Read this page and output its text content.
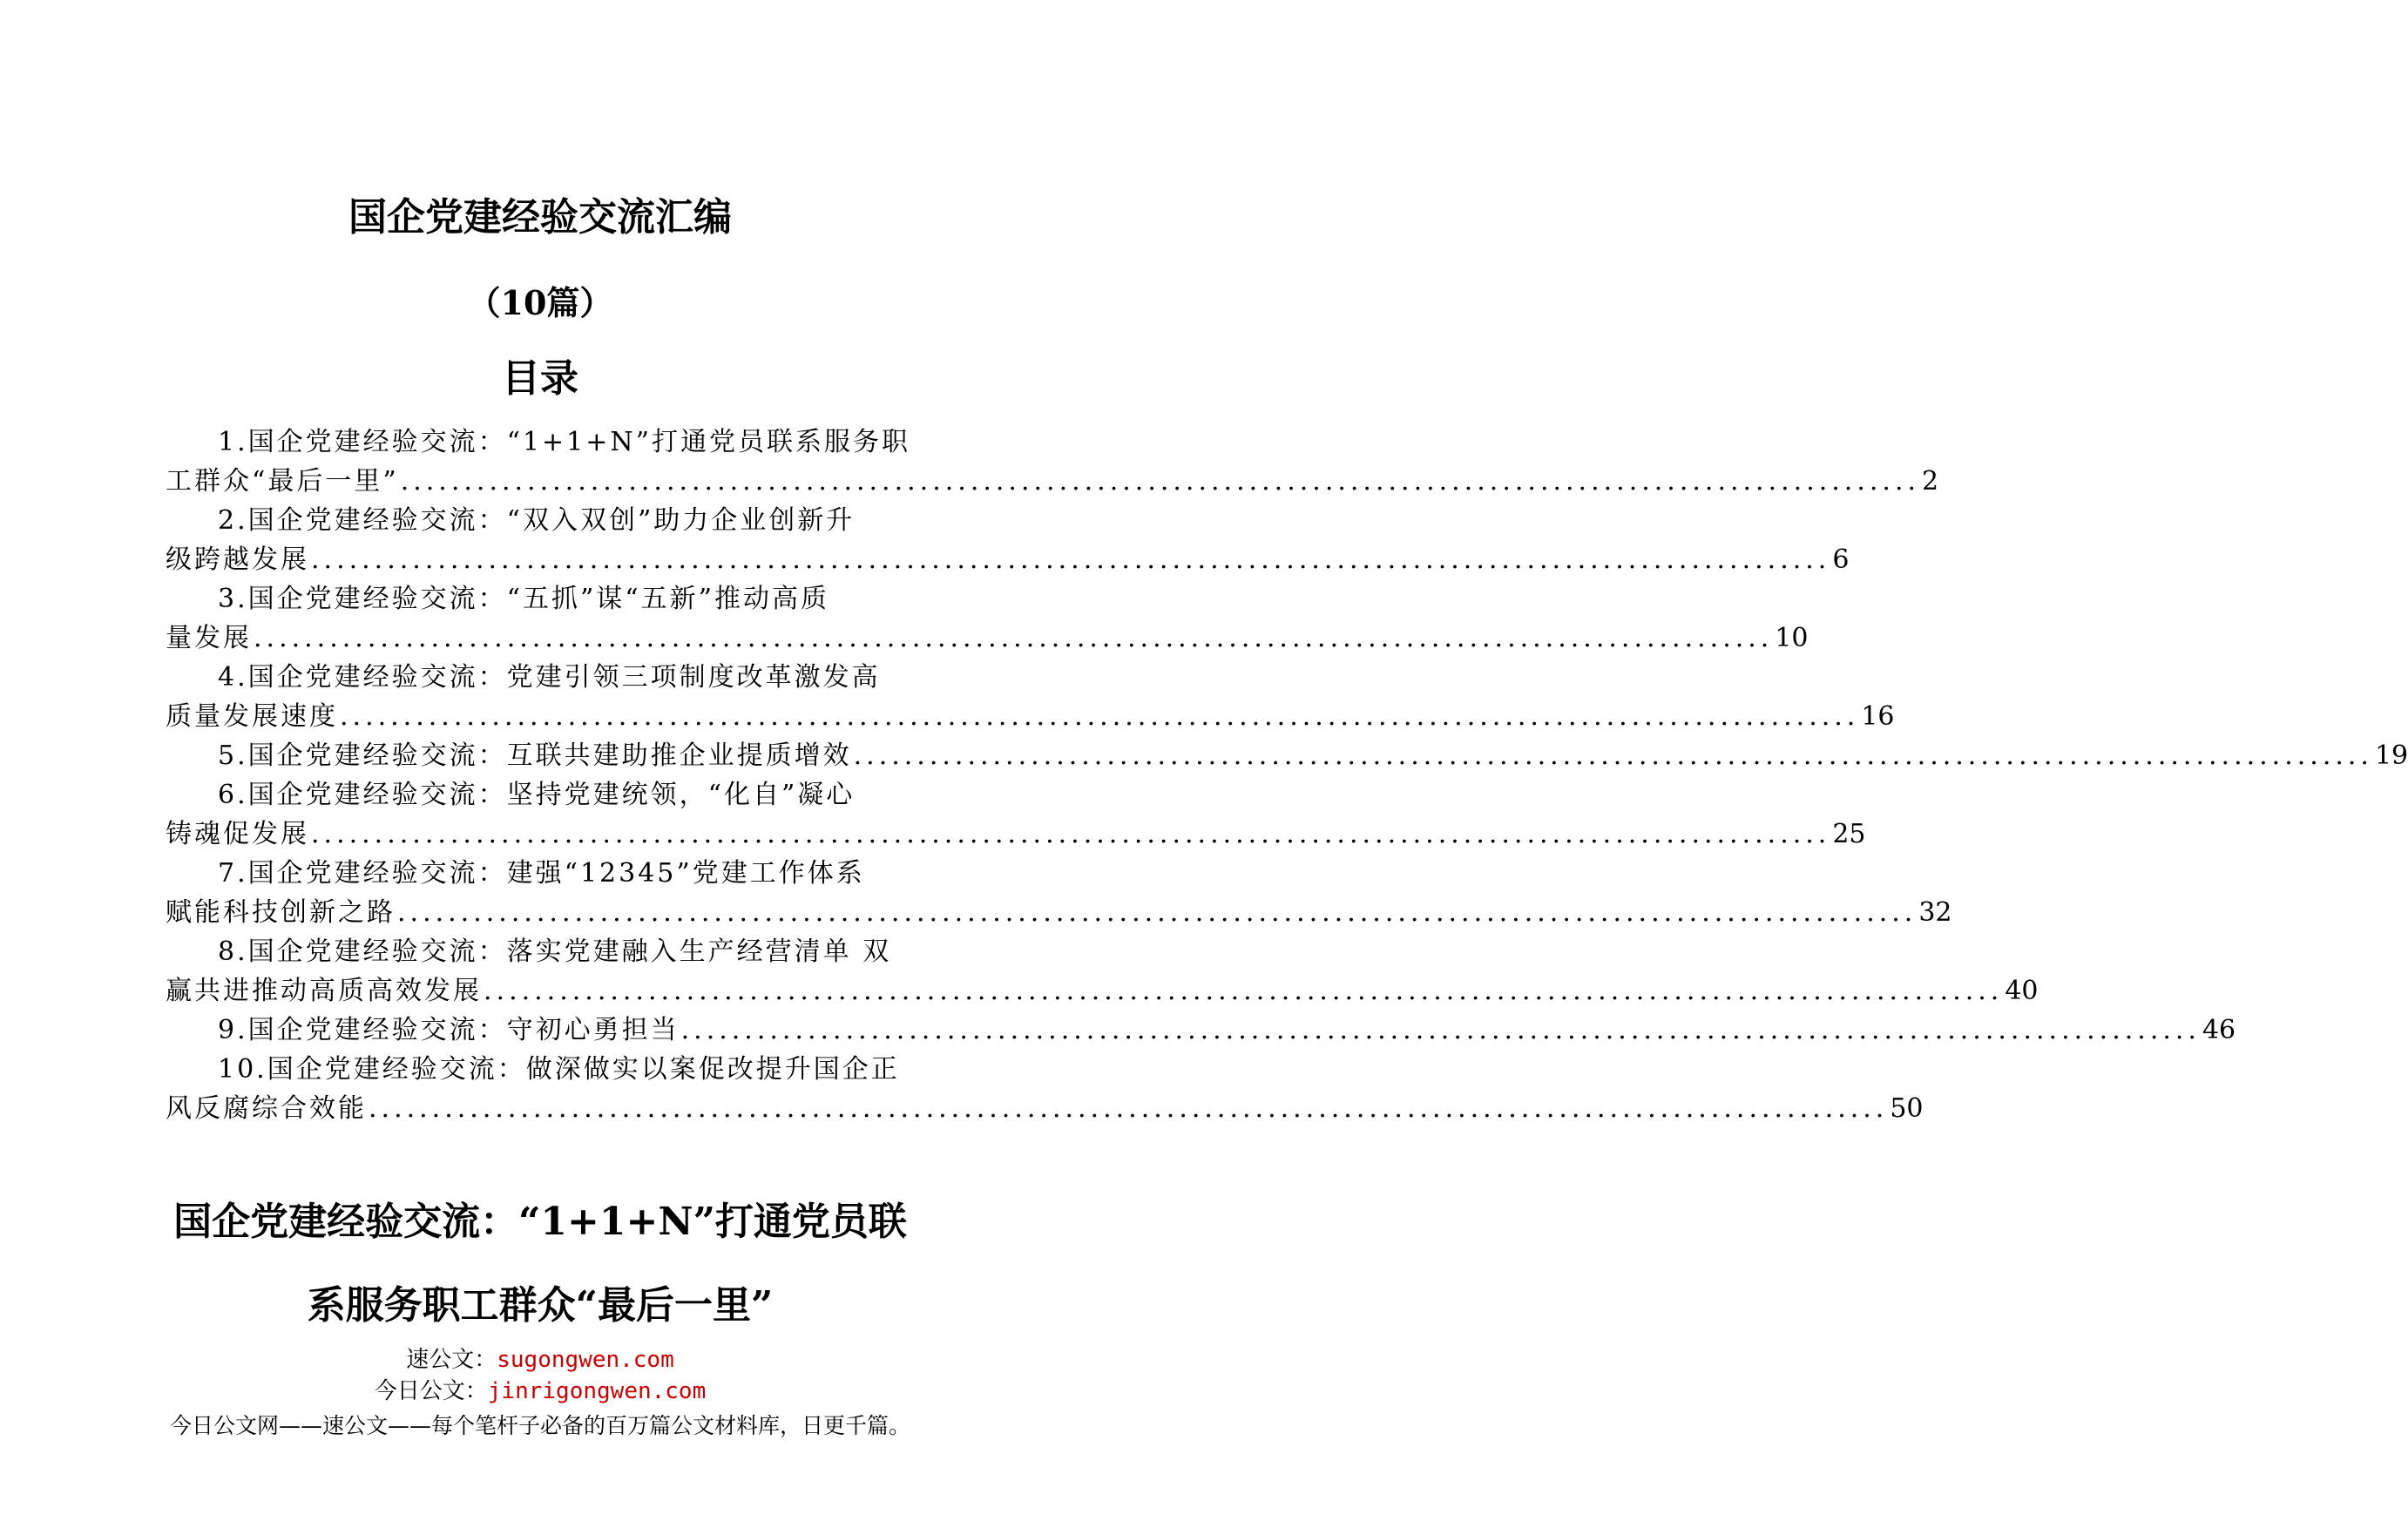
国企党建经验交流汇编
（10篇）
目录
1.国企党建经验交流：“1+1+N”打通党员联系服务职
工群众“最后一里” ........................................................................................................................ 2
2.国企党建经验交流：“双入双创”助力企业创新升
级跨越发展 ........................................................................................................................ 6
3.国企党建经验交流：“五抓”谋“五新”推动高质
量发展 ........................................................................................................................ 10
4.国企党建经验交流：党建引领三项制度改革激发高
质量发展速度 ........................................................................................................................ 16
5.国企党建经验交流：互联共建助推企业提质增效 ........................................................................................................................ 19
6.国企党建经验交流：坚持党建统领，“化自”凝心
铸魂促发展 ........................................................................................................................ 25
7.国企党建经验交流：建强“12345”党建工作体系
赋能科技创新之路 ........................................................................................................................ 32
8.国企党建经验交流：落实党建融入生产经营清单 双
赢共进推动高质高效发展 ........................................................................................................................ 40
9.国企党建经验交流：守初心勇担当 ........................................................................................................................ 46
10.国企党建经验交流：做深做实以案促改提升国企正
风反腐综合效能 ........................................................................................................................ 50
国企党建经验交流：“1+1+N”打通党员联
系服务职工群众“最后一里”
速公文：sugongwen.com
今日公文：jinrigongwen.com
今日公文网——速公文——每个笔杆子必备的百万篇公文材料库，日更千篇。
